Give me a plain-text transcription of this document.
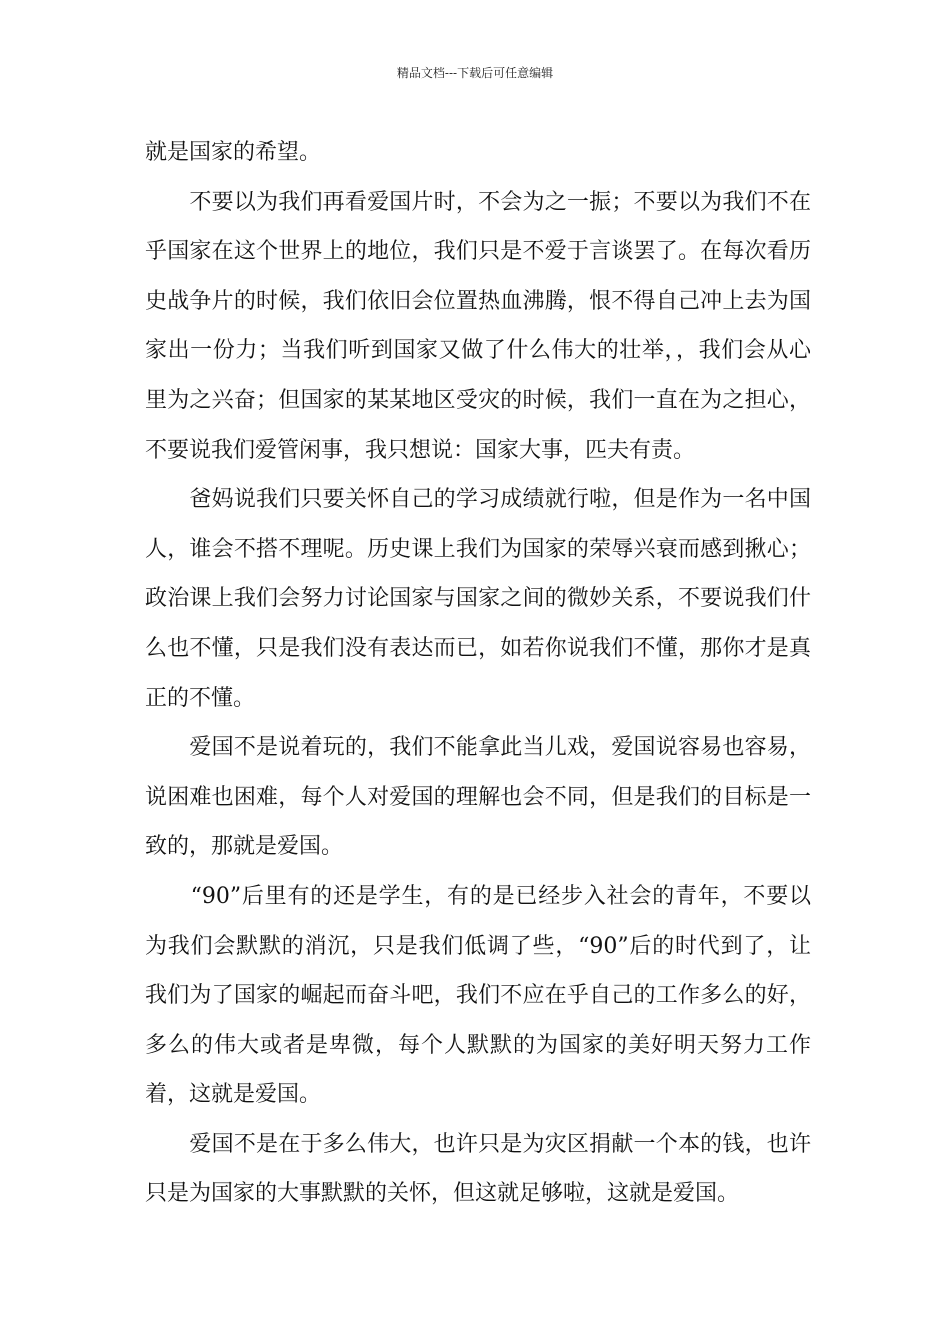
精品文档---下载后可任意编辑

就是国家的希望。

　　不要以为我们再看爱国片时，不会为之一振；不要以为我们不在乎国家在这个世界上的地位，我们只是不爱于言谈罢了。在每次看历史战争片的时候，我们依旧会位置热血沸腾，恨不得自己冲上去为国家出一份力；当我们听到国家又做了什么伟大的壮举，，我们会从心里为之兴奋；但国家的某某地区受灾的时候，我们一直在为之担心，不要说我们爱管闲事，我只想说：国家大事，匹夫有责。

　　爸妈说我们只要关怀自己的学习成绩就行啦，但是作为一名中国人，谁会不搭不理呢。历史课上我们为国家的荣辱兴衰而感到揪心；政治课上我们会努力讨论国家与国家之间的微妙关系，不要说我们什么也不懂，只是我们没有表达而已，如若你说我们不懂，那你才是真正的不懂。

　　爱国不是说着玩的，我们不能拿此当儿戏，爱国说容易也容易，说困难也困难，每个人对爱国的理解也会不同，但是我们的目标是一致的，那就是爱国。

　　“90”后里有的还是学生，有的是已经步入社会的青年，不要以为我们会默默的消沉，只是我们低调了些，“90”后的时代到了，让我们为了国家的崛起而奋斗吧，我们不应在乎自己的工作多么的好，多么的伟大或者是卑微，每个人默默的为国家的美好明天努力工作着，这就是爱国。

　　爱国不是在于多么伟大，也许只是为灾区捐献一个本的钱，也许只是为国家的大事默默的关怀，但这就足够啦，这就是爱国。
